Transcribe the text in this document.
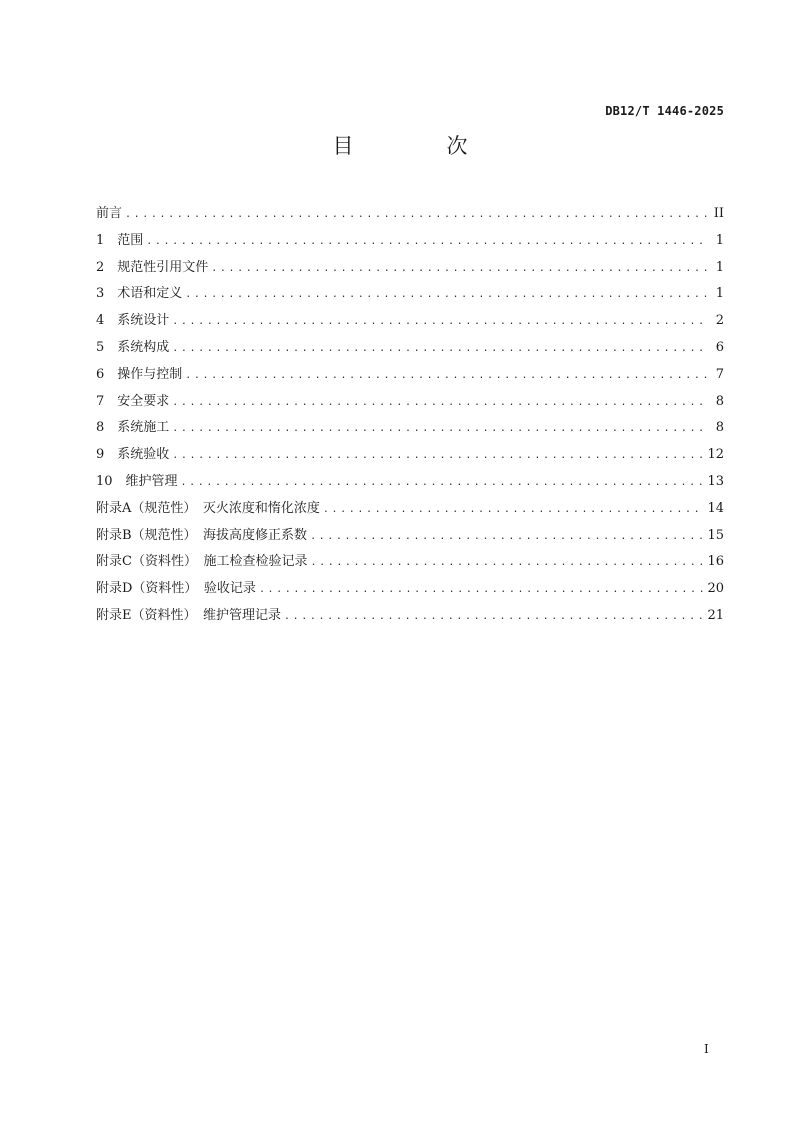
DB12/T 1446-2025
目　次
前言 .....	II
1　范围 .....	1
2　规范性引用文件 .....	1
3　术语和定义 .....	1
4　系统设计 .....	2
5　系统构成 .....	6
6　操作与控制 .....	7
7　安全要求 .....	8
8　系统施工 .....	8
9　系统验收 .....	12
10　维护管理 .....	13
附录A（规范性）　灭火浓度和惰化浓度 .....	14
附录B（规范性）　海拔高度修正系数 .....	15
附录C（资料性）　施工检查检验记录 .....	16
附录D（资料性）　验收记录 .....	20
附录E（资料性）　维护管理记录 .....	21
I
